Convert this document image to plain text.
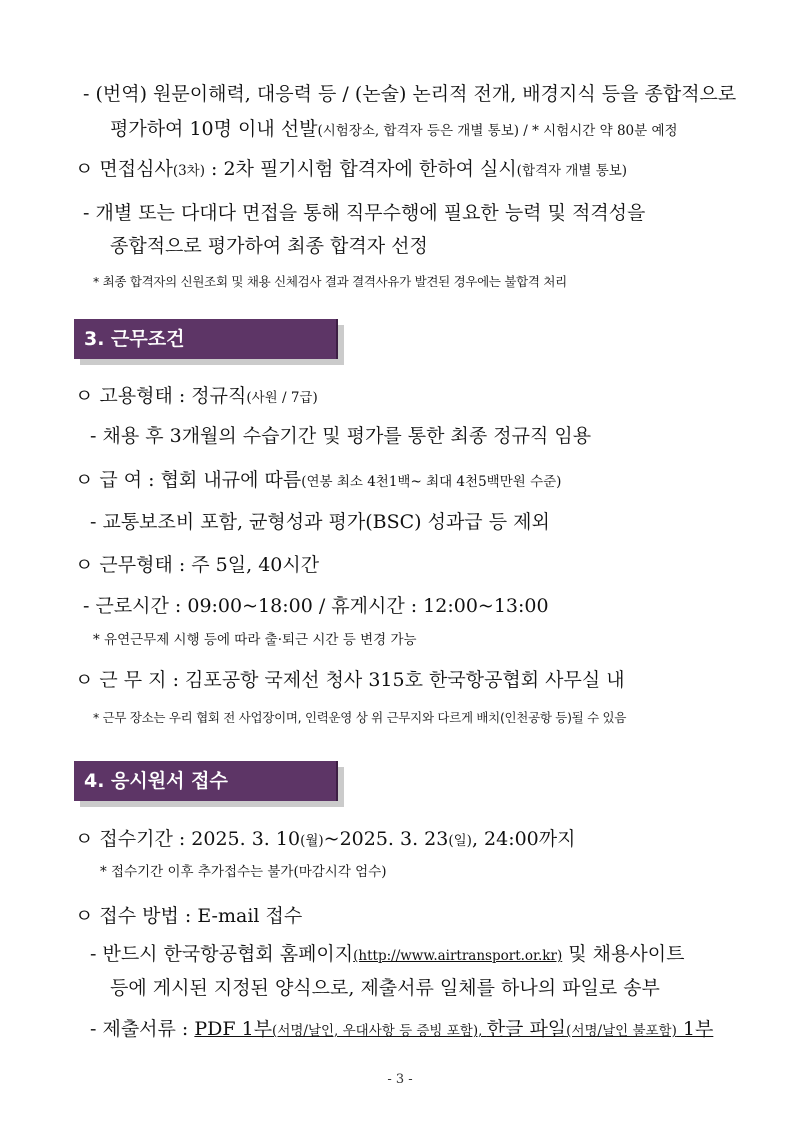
- (번역) 원문이해력, 대응력 등 / (논술) 논리적 전개, 배경지식 등을 종합적으로
평가하여 10명 이내 선발(시험장소, 합격자 등은 개별 통보) / * 시험시간 약 80분 예정
ㅇ 면접심사(3차) : 2차 필기시험 합격자에 한하여 실시(합격자 개별 통보)
- 개별 또는 다대다 면접을 통해 직무수행에 필요한 능력 및 적격성을
종합적으로 평가하여 최종 합격자 선정
* 최종 합격자의 신원조회 및 채용 신체검사 결과 결격사유가 발견된 경우에는 불합격 처리
3. 근무조건
ㅇ 고용형태 : 정규직(사원 / 7급)
- 채용 후 3개월의 수습기간 및 평가를 통한 최종 정규직 임용
ㅇ 급 여 : 협회 내규에 따름(연봉 최소 4천1백~ 최대 4천5백만원 수준)
- 교통보조비 포함, 균형성과 평가(BSC) 성과급 등 제외
ㅇ 근무형태 : 주 5일, 40시간
- 근로시간 : 09:00~18:00 / 휴게시간 : 12:00~13:00
* 유연근무제 시행 등에 따라 출·퇴근 시간 등 변경 가능
ㅇ 근 무 지 : 김포공항 국제선 청사 315호 한국항공협회 사무실 내
* 근무 장소는 우리 협회 전 사업장이며, 인력운영 상 위 근무지와 다르게 배치(인천공항 등)될 수 있음
4. 응시원서 접수
ㅇ 접수기간 : 2025. 3. 10(월)~2025. 3. 23(일), 24:00까지
* 접수기간 이후 추가접수는 불가(마감시각 엄수)
ㅇ 접수 방법 : E-mail 접수
- 반드시 한국항공협회 홈페이지(http://www.airtransport.or.kr) 및 채용사이트
등에 게시된 지정된 양식으로, 제출서류 일체를 하나의 파일로 송부
- 제출서류 : PDF 1부(서명/날인, 우대사항 등 증빙 포함), 한글 파일(서명/날인 불포함) 1부
- 3 -
